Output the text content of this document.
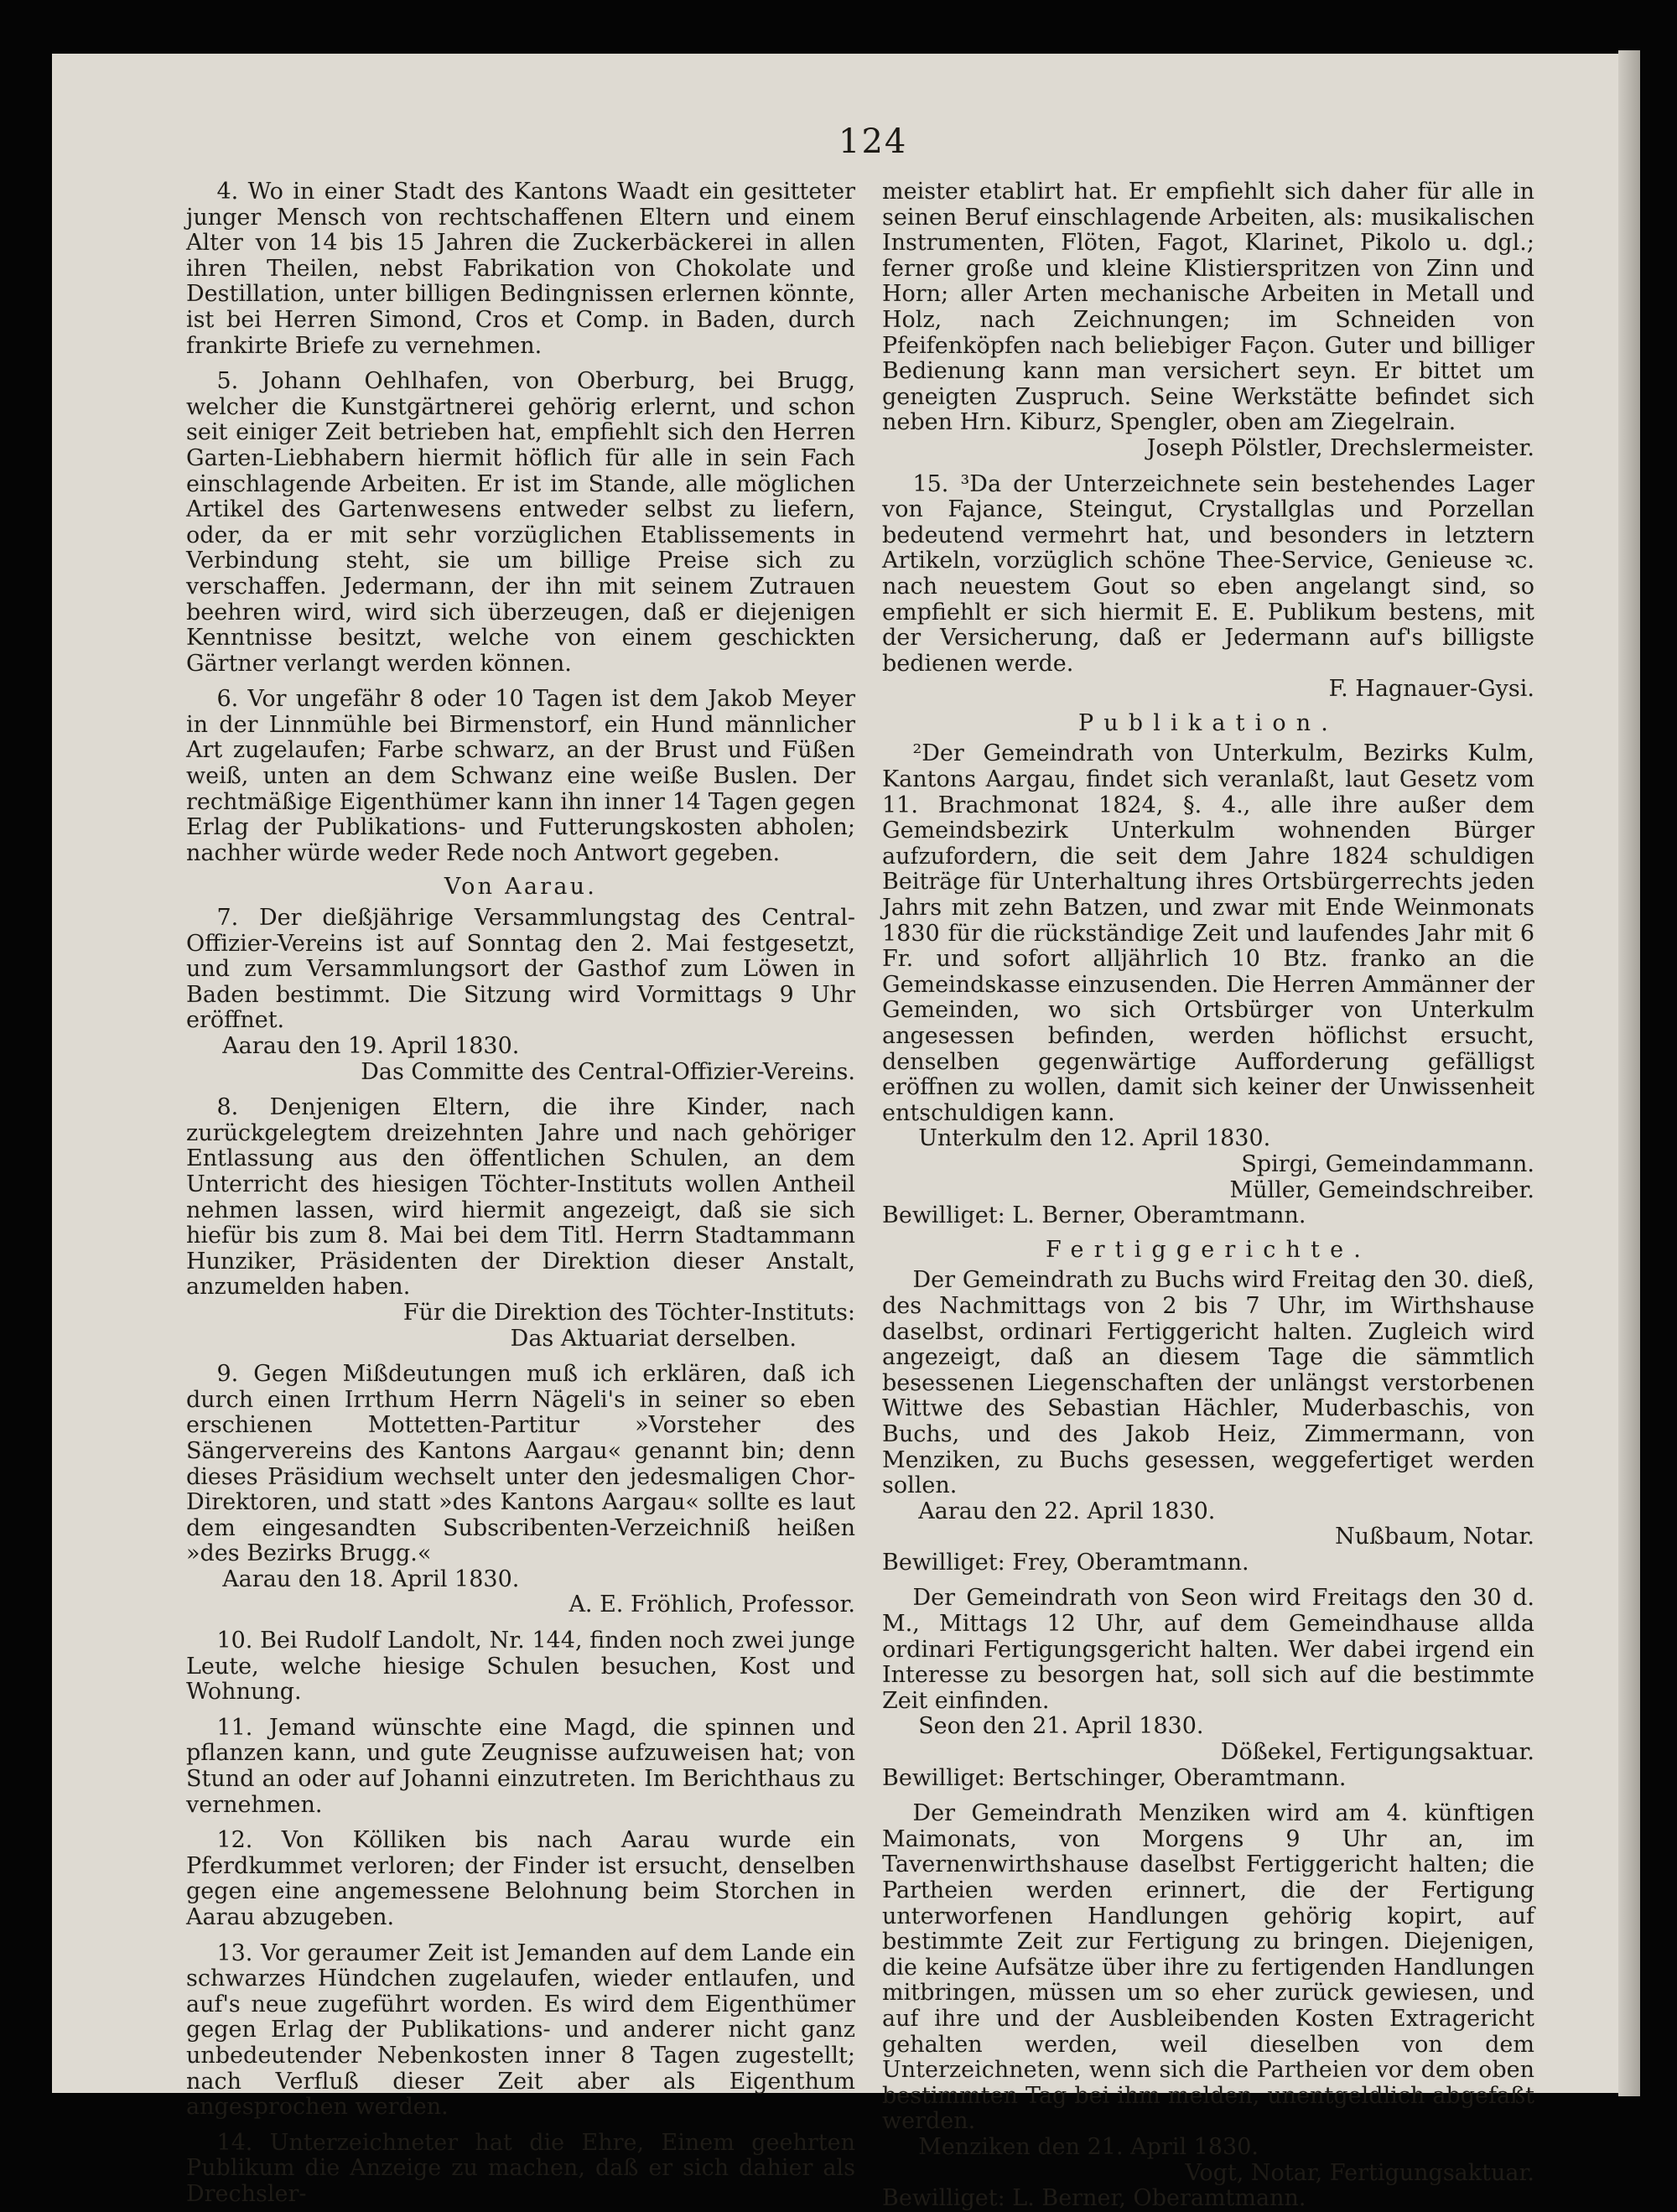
124

4. Wo in einer Stadt des Kantons Waadt ein gesitteter junger Mensch von rechtschaffenen Eltern und einem Alter von 14 bis 15 Jahren die Zuckerbäckerei in allen ihren Theilen, nebst Fabrikation von Chokolate und Destillation, unter billigen Bedingnissen erlernen könnte, ist bei Herren Simond, Cros et Comp. in Baden, durch frankirte Briefe zu vernehmen.

5. Johann Oehlhafen, von Oberburg, bei Brugg, welcher die Kunstgärtnerei gehörig erlernt, und schon seit einiger Zeit betrieben hat, empfiehlt sich den Herren Garten-Liebhabern hiermit höflich für alle in sein Fach einschlagende Arbeiten. Er ist im Stande, alle möglichen Artikel des Gartenwesens entweder selbst zu liefern, oder, da er mit sehr vorzüglichen Etablissements in Verbindung steht, sie um billige Preise sich zu verschaffen. Jedermann, der ihn mit seinem Zutrauen beehren wird, wird sich überzeugen, daß er diejenigen Kenntnisse besitzt, welche von einem geschickten Gärtner verlangt werden können.

6. Vor ungefähr 8 oder 10 Tagen ist dem Jakob Meyer in der Linnmühle bei Birmenstorf, ein Hund männlicher Art zugelaufen; Farbe schwarz, an der Brust und Füßen weiß, unten an dem Schwanz eine weiße Buslen. Der rechtmäßige Eigenthümer kann ihn inner 14 Tagen gegen Erlag der Publikations- und Futterungskosten abholen; nachher würde weder Rede noch Antwort gegeben.

Von Aarau.

7. Der dießjährige Versammlungstag des Central-Offizier-Vereins ist auf Sonntag den 2. Mai festgesetzt, und zum Versammlungsort der Gasthof zum Löwen in Baden bestimmt. Die Sitzung wird Vormittags 9 Uhr eröffnet.

Aarau den 19. April 1830.

Das Committe des Central-Offizier-Vereins.

8. Denjenigen Eltern, die ihre Kinder, nach zurückgelegtem dreizehnten Jahre und nach gehöriger Entlassung aus den öffentlichen Schulen, an dem Unterricht des hiesigen Töchter-Instituts wollen Antheil nehmen lassen, wird hiermit angezeigt, daß sie sich hiefür bis zum 8. Mai bei dem Titl. Herrn Stadtammann Hunziker, Präsidenten der Direktion dieser Anstalt, anzumelden haben.

Für die Direktion des Töchter-Instituts:

Das Aktuariat derselben.

9. Gegen Mißdeutungen muß ich erklären, daß ich durch einen Irrthum Herrn Nägeli's in seiner so eben erschienen Mottetten-Partitur »Vorsteher des Sängervereins des Kantons Aargau« genannt bin; denn dieses Präsidium wechselt unter den jedesmaligen Chor-Direktoren, und statt »des Kantons Aargau« sollte es laut dem eingesandten Subscribenten-Verzeichniß heißen »des Bezirks Brugg.«

Aarau den 18. April 1830.

A. E. Fröhlich, Professor.

10. Bei Rudolf Landolt, Nr. 144, finden noch zwei junge Leute, welche hiesige Schulen besuchen, Kost und Wohnung.

11. Jemand wünschte eine Magd, die spinnen und pflanzen kann, und gute Zeugnisse aufzuweisen hat; von Stund an oder auf Johanni einzutreten. Im Berichthaus zu vernehmen.

12. Von Kölliken bis nach Aarau wurde ein Pferdkummet verloren; der Finder ist ersucht, denselben gegen eine angemessene Belohnung beim Storchen in Aarau abzugeben.

13. Vor geraumer Zeit ist Jemanden auf dem Lande ein schwarzes Hündchen zugelaufen, wieder entlaufen, und auf's neue zugeführt worden. Es wird dem Eigenthümer gegen Erlag der Publikations- und anderer nicht ganz unbedeutender Nebenkosten inner 8 Tagen zugestellt; nach Verfluß dieser Zeit aber als Eigenthum angesprochen werden.

14. Unterzeichneter hat die Ehre, Einem geehrten Publikum die Anzeige zu machen, daß er sich dahier als Drechsler-

meister etablirt hat. Er empfiehlt sich daher für alle in seinen Beruf einschlagende Arbeiten, als: musikalischen Instrumenten, Flöten, Fagot, Klarinet, Pikolo u. dgl.; ferner große und kleine Klistierspritzen von Zinn und Horn; aller Arten mechanische Arbeiten in Metall und Holz, nach Zeichnungen; im Schneiden von Pfeifenköpfen nach beliebiger Façon. Guter und billiger Bedienung kann man versichert seyn. Er bittet um geneigten Zuspruch. Seine Werkstätte befindet sich neben Hrn. Kiburz, Spengler, oben am Ziegelrain.

Joseph Pölstler, Drechslermeister.

15. ³Da der Unterzeichnete sein bestehendes Lager von Fajance, Steingut, Crystallglas und Porzellan bedeutend vermehrt hat, und besonders in letztern Artikeln, vorzüglich schöne Thee-Service, Genieuse ꝛc. nach neuestem Gout so eben angelangt sind, so empfiehlt er sich hiermit E. E. Publikum bestens, mit der Versicherung, daß er Jedermann auf's billigste bedienen werde.

F. Hagnauer-Gysi.

Publikation.

²Der Gemeindrath von Unterkulm, Bezirks Kulm, Kantons Aargau, findet sich veranlaßt, laut Gesetz vom 11. Brachmonat 1824, §. 4., alle ihre außer dem Gemeindsbezirk Unterkulm wohnenden Bürger aufzufordern, die seit dem Jahre 1824 schuldigen Beiträge für Unterhaltung ihres Ortsbürgerrechts jeden Jahrs mit zehn Batzen, und zwar mit Ende Weinmonats 1830 für die rückständige Zeit und laufendes Jahr mit 6 Fr. und sofort alljährlich 10 Btz. franko an die Gemeindskasse einzusenden. Die Herren Ammänner der Gemeinden, wo sich Ortsbürger von Unterkulm angesessen befinden, werden höflichst ersucht, denselben gegenwärtige Aufforderung gefälligst eröffnen zu wollen, damit sich keiner der Unwissenheit entschuldigen kann.

Unterkulm den 12. April 1830.

Spirgi, Gemeindammann.

Müller, Gemeindschreiber.

Bewilliget: L. Berner, Oberamtmann.

Fertiggerichte.

Der Gemeindrath zu Buchs wird Freitag den 30. dieß, des Nachmittags von 2 bis 7 Uhr, im Wirthshause daselbst, ordinari Fertiggericht halten. Zugleich wird angezeigt, daß an diesem Tage die sämmtlich besessenen Liegenschaften der unlängst verstorbenen Wittwe des Sebastian Hächler, Muderbaschis, von Buchs, und des Jakob Heiz, Zimmermann, von Menziken, zu Buchs gesessen, weggefertiget werden sollen.

Aarau den 22. April 1830.

Nußbaum, Notar.

Bewilliget: Frey, Oberamtmann.

Der Gemeindrath von Seon wird Freitags den 30 d. M., Mittags 12 Uhr, auf dem Gemeindhause allda ordinari Fertigungsgericht halten. Wer dabei irgend ein Interesse zu besorgen hat, soll sich auf die bestimmte Zeit einfinden.

Seon den 21. April 1830.

Dößekel, Fertigungsaktuar.

Bewilliget: Bertschinger, Oberamtmann.

Der Gemeindrath Menziken wird am 4. künftigen Maimonats, von Morgens 9 Uhr an, im Tavernenwirthshause daselbst Fertiggericht halten; die Partheien werden erinnert, die der Fertigung unterworfenen Handlungen gehörig kopirt, auf bestimmte Zeit zur Fertigung zu bringen. Diejenigen, die keine Aufsätze über ihre zu fertigenden Handlungen mitbringen, müssen um so eher zurück gewiesen, und auf ihre und der Ausbleibenden Kosten Extragericht gehalten werden, weil dieselben von dem Unterzeichneten, wenn sich die Partheien vor dem oben bestimmten Tag bei ihm melden, unentgeldlich abgefaßt werden.

Menziken den 21. April 1830.

Vogt, Notar, Fertigungsaktuar.

Bewilliget: L. Berner, Oberamtmann.
